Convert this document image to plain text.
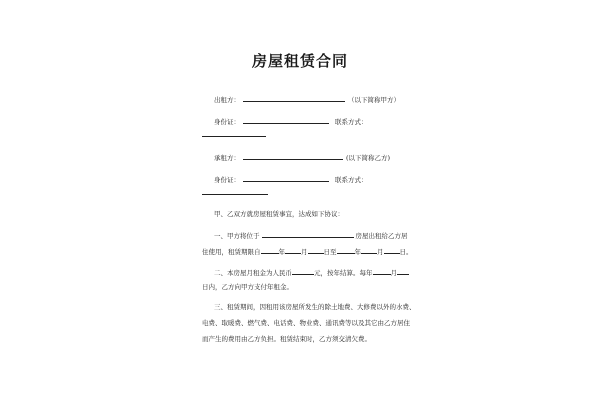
房屋租赁合同
出租方：	（以下简称甲方）
身份证：	联系方式：
承租方：	(以下简称乙方)
身份证：	联系方式：
甲、乙双方就房屋租赁事宜，达成如下协议：
一、甲方将位于	房屋出租给乙方居
住使用，租赁期限自	年 月 日至	年 月 日。
二、本房屋月租金为人民币	元，按年结算。每年	月
日内，乙方向甲方支付年租金。
三、租赁期间，因租用该房屋所发生的除土地费、大修费以外的水费、
电费、取暖费、燃气费、电话费、物业费、通讯费等以及其它由乙方居住
而产生的费用由乙方负担。租赁结束时，乙方须交清欠费。
